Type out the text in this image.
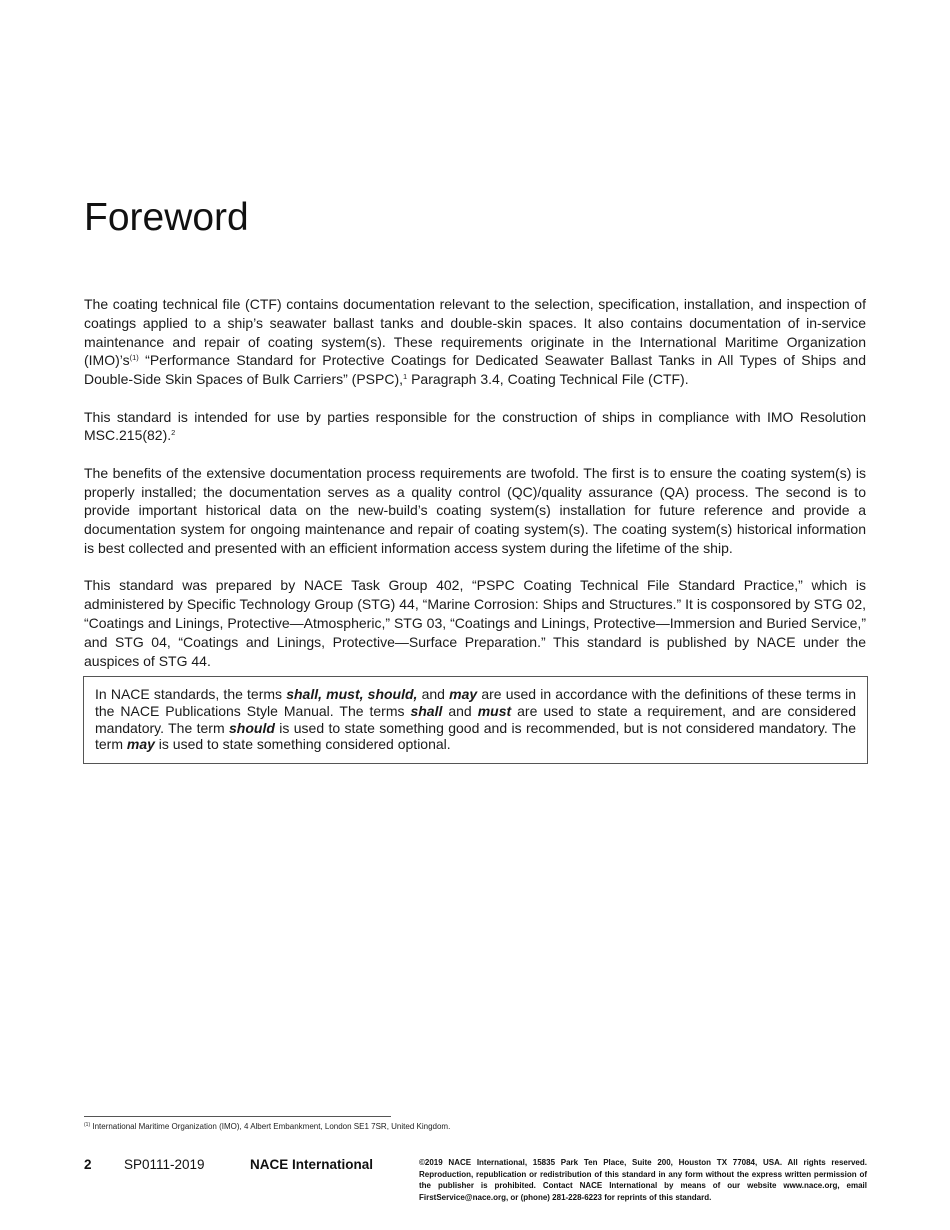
Foreword

The coating technical file (CTF) contains documentation relevant to the selection, specification, installation, and inspection of coatings applied to a ship’s seawater ballast tanks and double-skin spaces. It also contains documentation of in-service maintenance and repair of coating system(s). These requirements originate in the International Maritime Organization $(IMO)’s^{(1)}$ “Performance Standard for Protective Coatings for Dedicated Seawater Ballast Tanks in All Types of Ships and Double-Side Skin Spaces of Bulk Carriers” (PSPC),$^1$ Paragraph 3.4, Coating Technical File (CTF).

This standard is intended for use by parties responsible for the construction of ships in compliance with IMO Resolution MSC.215(82).$^2$

The benefits of the extensive documentation process requirements are twofold. The first is to ensure the coating system(s) is properly installed; the documentation serves as a quality control (QC)/quality assurance (QA) process. The second is to provide important historical data on the new-build’s coating system(s) installation for future reference and provide a documentation system for ongoing maintenance and repair of coating system(s). The coating system(s) historical information is best collected and presented with an efficient information access system during the lifetime of the ship.

This standard was prepared by NACE Task Group 402, “PSPC Coating Technical File Standard Practice,” which is administered by Specific Technology Group (STG) 44, “Marine Corrosion: Ships and Structures.” It is cosponsored by STG 02, “Coatings and Linings, Protective—Atmospheric,” STG 03, “Coatings and Linings, Protective—Immersion and Buried Service,” and STG 04, “Coatings and Linings, Protective—Surface Preparation.” This standard is published by NACE under the auspices of STG 44.

In NACE standards, the terms shall, must, should, and may are used in accordance with the definitions of these terms in the NACE Publications Style Manual. The terms shall and must are used to state a requirement, and are considered mandatory. The term should is used to state something good and is recommended, but is not considered mandatory. The term may is used to state something considered optional.
$^{(1)}$ International Maritime Organization (IMO), 4 Albert Embankment, London SE1 7SR, United Kingdom.
2 SP0111-2019	NACE International	©2019 NACE International, 15835 Park Ten Place, Suite 200, Houston TX 77084, USA. All rights reserved. Reproduction, republication or redistribution of this standard in any form without the express written permission of the publisher is prohibited. Contact NACE International by means of our website www.nace.org, email FirstService@nace.org, or (phone) 281-228-6223 for reprints of this standard.
